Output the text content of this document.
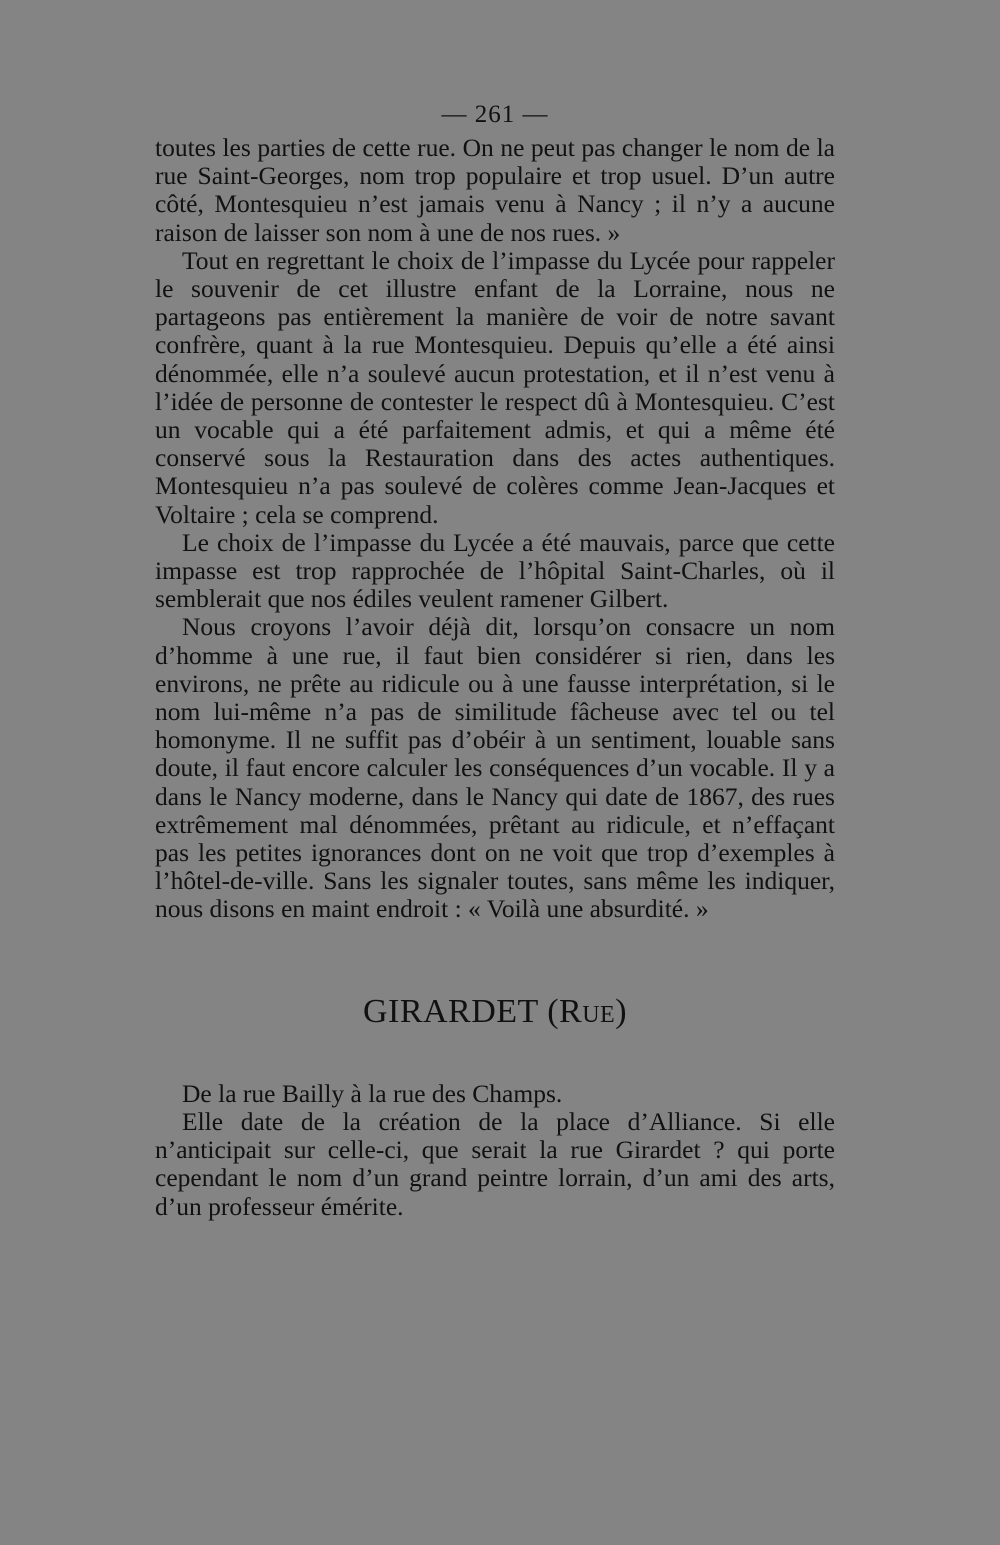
— 261 —

toutes les parties de cette rue. On ne peut pas changer le nom de la rue Saint-Georges, nom trop populaire et trop usuel. D’un autre côté, Montesquieu n’est jamais venu à Nancy ; il n’y a aucune raison de laisser son nom à une de nos rues. »

Tout en regrettant le choix de l’impasse du Lycée pour rappeler le souvenir de cet illustre enfant de la Lorraine, nous ne partageons pas entièrement la manière de voir de notre savant confrère, quant à la rue Montesquieu. Depuis qu’elle a été ainsi dénommée, elle n’a soulevé aucun protestation, et il n’est venu à l’idée de personne de contester le respect dû à Montesquieu. C’est un vocable qui a été parfaitement admis, et qui a même été conservé sous la Restauration dans des actes authentiques. Montesquieu n’a pas soulevé de colères comme Jean-Jacques et Voltaire ; cela se comprend.

Le choix de l’impasse du Lycée a été mauvais, parce que cette impasse est trop rapprochée de l’hôpital Saint-Charles, où il semblerait que nos édiles veulent ramener Gilbert.

Nous croyons l’avoir déjà dit, lorsqu’on consacre un nom d’homme à une rue, il faut bien considérer si rien, dans les environs, ne prête au ridicule ou à une fausse interprétation, si le nom lui-même n’a pas de similitude fâcheuse avec tel ou tel homonyme. Il ne suffit pas d’obéir à un sentiment, louable sans doute, il faut encore calculer les conséquences d’un vocable. Il y a dans le Nancy moderne, dans le Nancy qui date de 1867, des rues extrêmement mal dénommées, prêtant au ridicule, et n’effaçant pas les petites ignorances dont on ne voit que trop d’exemples à l’hôtel-de-ville. Sans les signaler toutes, sans même les indiquer, nous disons en maint endroit : « Voilà une absurdité. »

GIRARDET (Rue)

De la rue Bailly à la rue des Champs.

Elle date de la création de la place d’Alliance. Si elle n’anticipait sur celle-ci, que serait la rue Girardet ? qui porte cependant le nom d’un grand peintre lorrain, d’un ami des arts, d’un professeur émérite.
